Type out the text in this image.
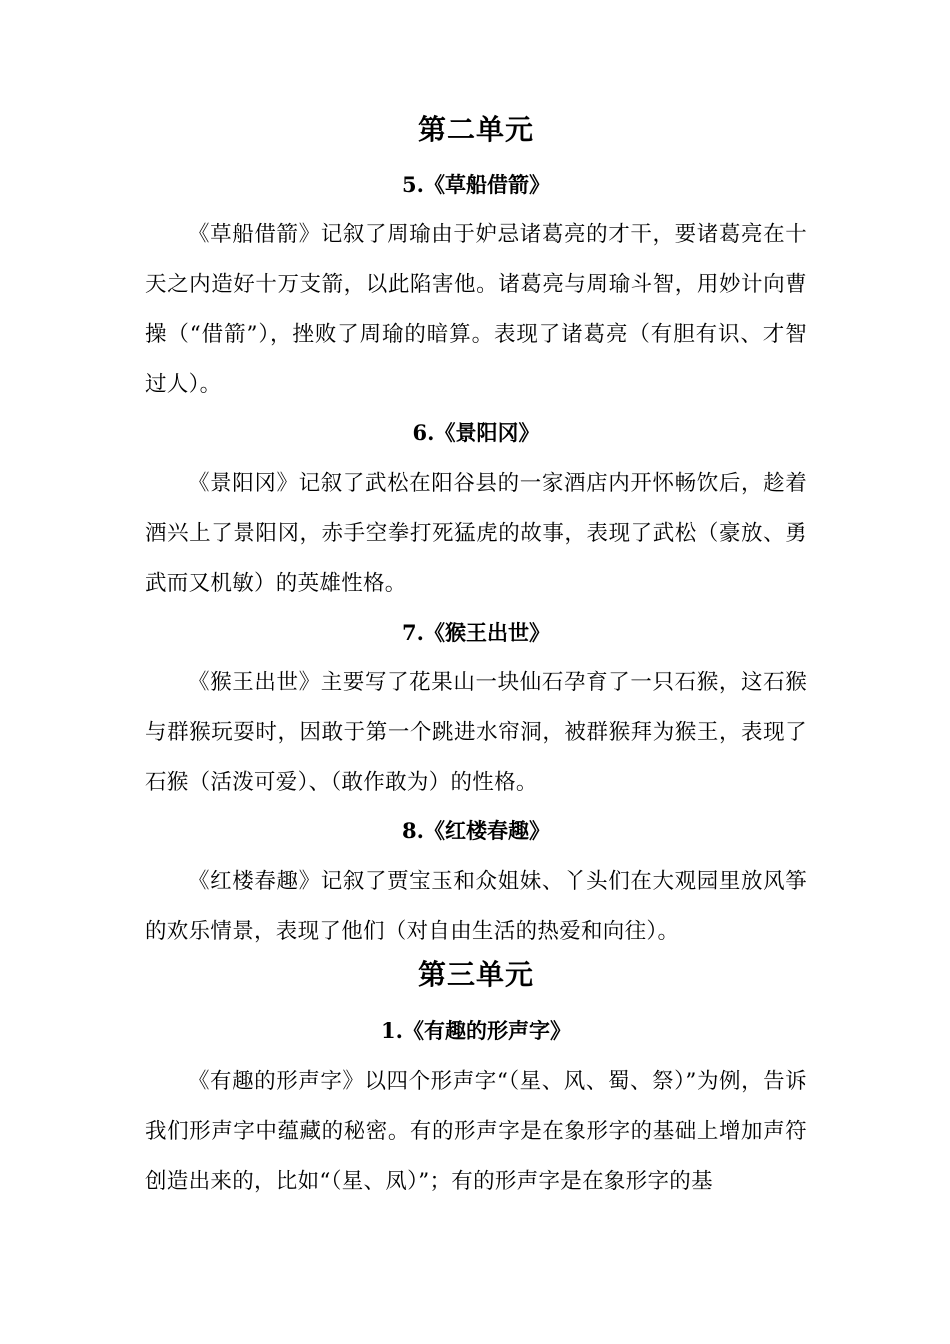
第二单元
5.《草船借箭》

《草船借箭》记叙了周瑜由于妒忌诸葛亮的才干，要诸葛亮在十天之内造好十万支箭，以此陷害他。诸葛亮与周瑜斗智，用妙计向曹操（“借箭”），挫败了周瑜的暗算。表现了诸葛亮（有胆有识、才智过人）。

6.《景阳冈》

《景阳冈》记叙了武松在阳谷县的一家酒店内开怀畅饮后，趁着酒兴上了景阳冈，赤手空拳打死猛虎的故事，表现了武松（豪放、勇武而又机敏）的英雄性格。

7.《猴王出世》

《猴王出世》主要写了花果山一块仙石孕育了一只石猴，这石猴与群猴玩耍时，因敢于第一个跳进水帘洞，被群猴拜为猴王，表现了石猴（活泼可爱）、（敢作敢为）的性格。

8.《红楼春趣》

《红楼春趣》记叙了贾宝玉和众姐妹、丫头们在大观园里放风筝的欢乐情景，表现了他们（对自由生活的热爱和向往）。

第三单元
1.《有趣的形声字》

《有趣的形声字》以四个形声字“（星、风、蜀、祭）”为例，告诉我们形声字中蕴藏的秘密。有的形声字是在象形字的基础上增加声符创造出来的，比如“（星、凤）”；有的形声字是在象形字的基
